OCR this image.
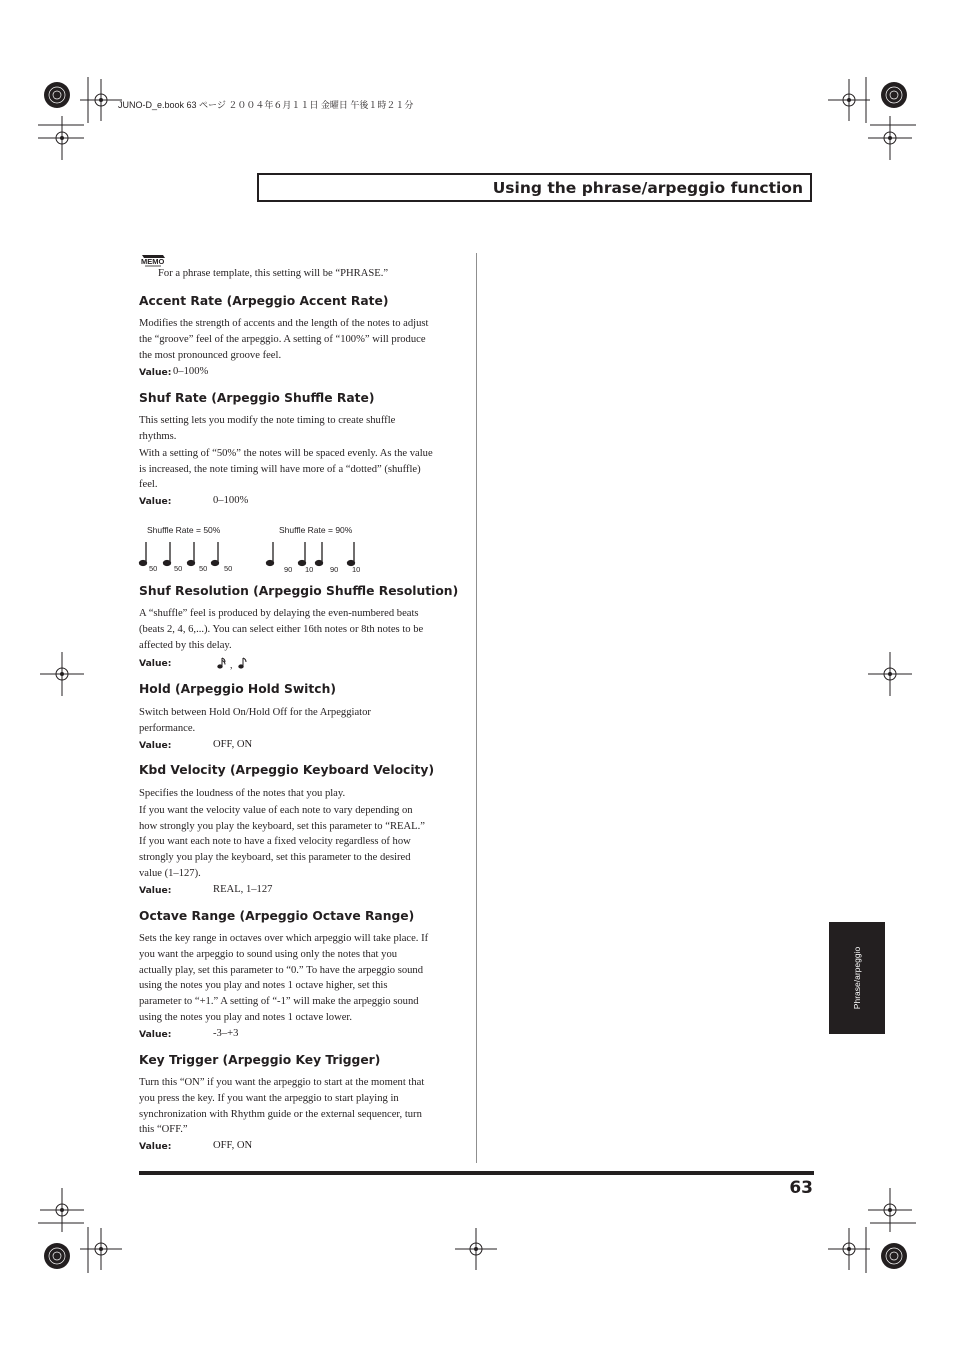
JUNO-D_e.book 63 ページ ２００４年６月１１日 金曜日 午後１時２１分
Using the phrase/arpeggio function
MEMO
For a phrase template, this setting will be “PHRASE.”
Accent Rate (Arpeggio Accent Rate)
Modifies the strength of accents and the length of the notes to adjust
the “groove” feel of the arpeggio. A setting of “100%” will produce
the most pronounced groove feel.
Value: 0–100%
Shuf Rate (Arpeggio Shuffle Rate)
This setting lets you modify the note timing to create shuffle
rhythms.
With a setting of “50%” the notes will be spaced evenly. As the value
is increased, the note timing will have more of a “dotted” (shuffle)
feel.
Value:	0–100%
Shuffle Rate = 50%	Shuffle Rate = 90%
50 50 50 50	90 10 90 10
Shuf Resolution (Arpeggio Shuffle Resolution)
A “shuffle” feel is produced by delaying the even-numbered beats
(beats 2, 4, 6,...). You can select either 16th notes or 8th notes to be
affected by this delay.
Value:	,
Hold (Arpeggio Hold Switch)
Switch between Hold On/Hold Off for the Arpeggiator
performance.
Value:	OFF, ON
Kbd Velocity (Arpeggio Keyboard Velocity)
Specifies the loudness of the notes that you play.
If you want the velocity value of each note to vary depending on
how strongly you play the keyboard, set this parameter to “REAL.”
If you want each note to have a fixed velocity regardless of how
strongly you play the keyboard, set this parameter to the desired
value (1–127).
Value:	REAL, 1–127
Octave Range (Arpeggio Octave Range)
Sets the key range in octaves over which arpeggio will take place. If
you want the arpeggio to sound using only the notes that you
actually play, set this parameter to “0.” To have the arpeggio sound
using the notes you play and notes 1 octave higher, set this
parameter to “+1.” A setting of “-1” will make the arpeggio sound
using the notes you play and notes 1 octave lower.
Value:	-3–+3
Key Trigger (Arpeggio Key Trigger)
Turn this “ON” if you want the arpeggio to start at the moment that
you press the key. If you want the arpeggio to start playing in
synchronization with Rhythm guide or the external sequencer, turn
this “OFF.”
Value:	OFF, ON
63
Phrase/arpeggio
